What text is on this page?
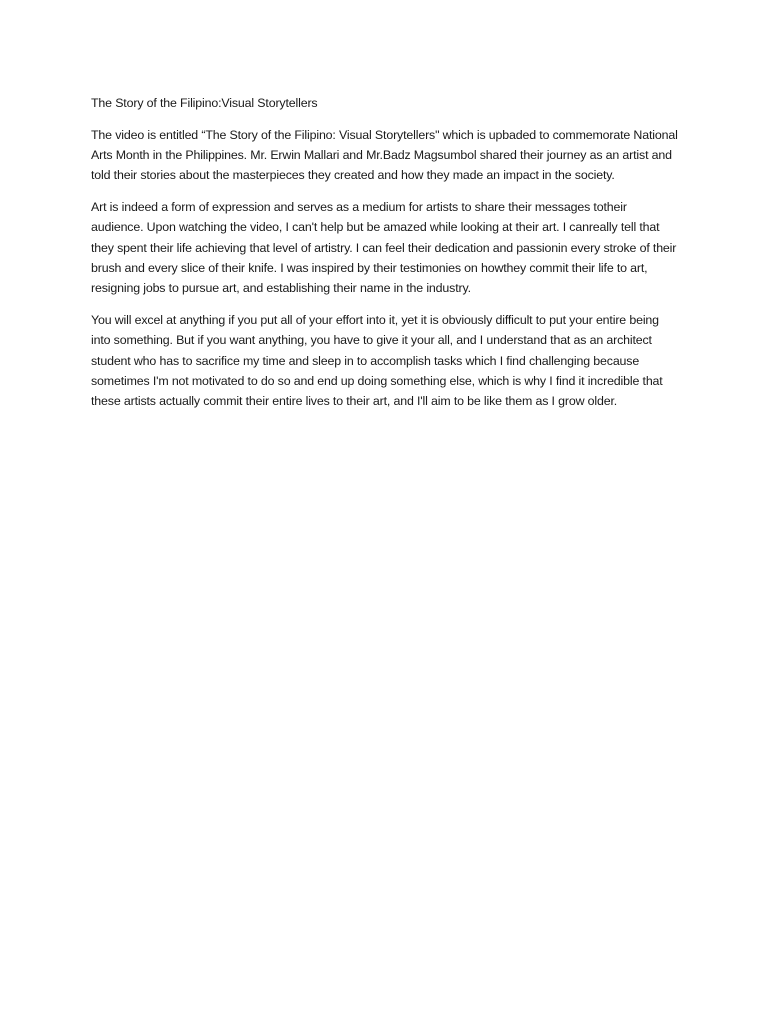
The Story of the Filipino:Visual Storytellers

The video is entitled “The Story of the Filipino: Visual Storytellers" which is upbaded to commemorate National Arts Month in the Philippines. Mr. Erwin Mallari and Mr.Badz Magsumbol shared their journey as an artist and told their stories about the masterpieces they created and how they made an impact in the society.

Art is indeed a form of expression and serves as a medium for artists to share their messages totheir audience. Upon watching the video, I can't help but be amazed while looking at their art. I canreally tell that they spent their life achieving that level of artistry. I can feel their dedication and passionin every stroke of their brush and every slice of their knife. I was inspired by their testimonies on howthey commit their life to art, resigning jobs to pursue art, and establishing their name in the industry.

You will excel at anything if you put all of your effort into it, yet it is obviously difficult to put your entire being into something. But if you want anything, you have to give it your all, and I understand that as an architect student who has to sacrifice my time and sleep in to accomplish tasks which I find challenging because sometimes I'm not motivated to do so and end up doing something else, which is why I find it incredible that these artists actually commit their entire lives to their art, and I'll aim to be like them as I grow older.
